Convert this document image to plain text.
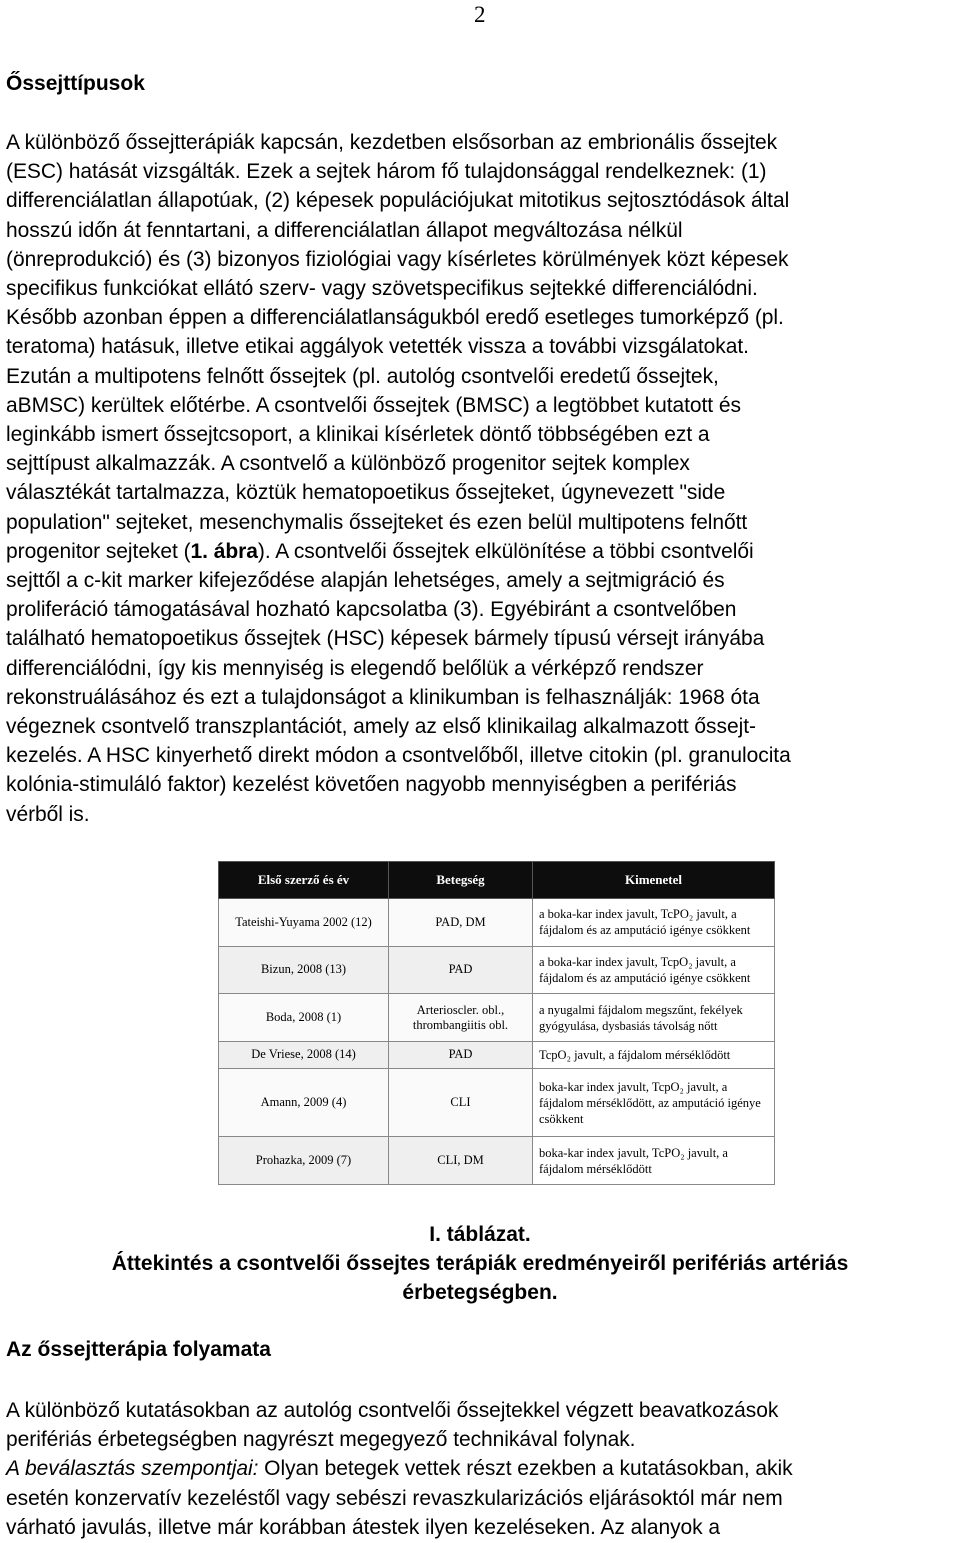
2
Őssejttípusok
A különböző őssejtterápiák kapcsán, kezdetben elsősorban az embrionális őssejtek
(ESC) hatását vizsgálták. Ezek a sejtek három fő tulajdonsággal rendelkeznek: (1)
differenciálatlan állapotúak, (2) képesek populációjukat mitotikus sejtosztódások által
hosszú időn át fenntartani, a differenciálatlan állapot megváltozása nélkül
(önreprodukció) és (3) bizonyos fiziológiai vagy kísérletes körülmények közt képesek
specifikus funkciókat ellátó szerv- vagy szövetspecifikus sejtekké differenciálódni.
Később azonban éppen a differenciálatlanságukból eredő esetleges tumorképző (pl.
teratoma) hatásuk, illetve etikai aggályok vetették vissza a további vizsgálatokat.
Ezután a multipotens felnőtt őssejtek (pl. autológ csontvelői eredetű őssejtek,
aBMSC) kerültek előtérbe. A csontvelői őssejtek (BMSC) a legtöbbet kutatott és
leginkább ismert őssejtcsoport, a klinikai kísérletek döntő többségében ezt a
sejttípust alkalmazzák. A csontvelő a különböző progenitor sejtek komplex
választékát tartalmazza, köztük hematopoetikus őssejteket, úgynevezett "side
population" sejteket, mesenchymalis őssejteket és ezen belül multipotens felnőtt
progenitor sejteket (1. ábra). A csontvelői őssejtek elkülönítése a többi csontvelői
sejttől a c-kit marker kifejeződése alapján lehetséges, amely a sejtmigráció és
proliferáció támogatásával hozható kapcsolatba (3). Egyébiránt a csontvelőben
található hematopoetikus őssejtek (HSC) képesek bármely típusú vérsejt irányába
differenciálódni, így kis mennyiség is elegendő belőlük a vérképző rendszer
rekonstruálásához és ezt a tulajdonságot a klinikumban is felhasználják: 1968 óta
végeznek csontvelő transzplantációt, amely az első klinikailag alkalmazott őssejt-
kezelés. A HSC kinyerhető direkt módon a csontvelőből, illetve citokin (pl. granulocita
kolónia-stimuláló faktor) kezelést követően nagyobb mennyiségben a perifériás
vérből is.
Első szerző és év	Betegség	Kimenetel
Tateishi-Yuyama 2002 (12)	PAD, DM	a boka-kar index javult, TcPO₂ javult, a fájdalom és az amputáció igénye csökkent
Bizun, 2008 (13)	PAD	a boka-kar index javult, TcpO₂ javult, a fájdalom és az amputáció igénye csökkent
Boda, 2008 (1)	Arterioscler. obl., thrombangiitis obl.	a nyugalmi fájdalom megszűnt, fekélyek gyógyulása, dysbasiás távolság nőtt
De Vriese, 2008 (14)	PAD	TcpO₂ javult, a fájdalom mérséklődött
Amann, 2009 (4)	CLI	boka-kar index javult, TcpO₂ javult, a fájdalom mérséklődött, az amputáció igénye csökkent
Prohazka, 2009 (7)	CLI, DM	boka-kar index javult, TcPO₂ javult, a fájdalom mérséklődött

I. táblázat.

Áttekintés a csontvelői őssejtes terápiák eredményeiről perifériás artériás

érbetegségben.

Az őssejtterápia folyamata
A különböző kutatásokban az autológ csontvelői őssejtekkel végzett beavatkozások
perifériás érbetegségben nagyrészt megegyező technikával folynak.
A beválasztás szempontjai: Olyan betegek vettek részt ezekben a kutatásokban, akik
esetén konzervatív kezeléstől vagy sebészi revaszkularizációs eljárásoktól már nem
várható javulás, illetve már korábban átestek ilyen kezeléseken. Az alanyok a
